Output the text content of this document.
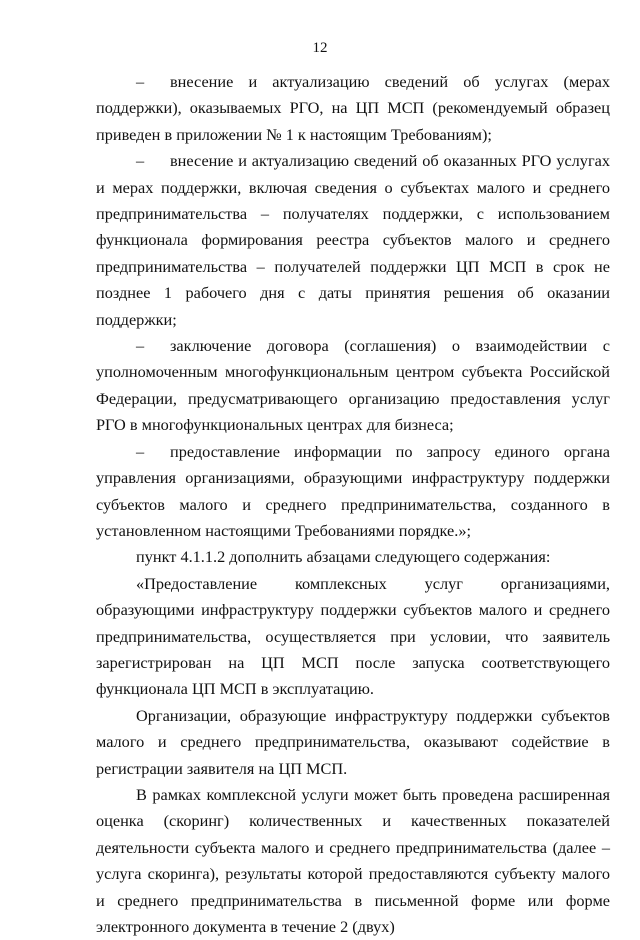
12

– внесение и актуализацию сведений об услугах (мерах поддержки), оказываемых РГО, на ЦП МСП (рекомендуемый образец приведен в приложении № 1 к настоящим Требованиям);

– внесение и актуализацию сведений об оказанных РГО услугах и мерах поддержки, включая сведения о субъектах малого и среднего предпринимательства – получателях поддержки, с использованием функционала формирования реестра субъектов малого и среднего предпринимательства – получателей поддержки ЦП МСП в срок не позднее 1 рабочего дня с даты принятия решения об оказании поддержки;

– заключение договора (соглашения) о взаимодействии с уполномоченным многофункциональным центром субъекта Российской Федерации, предусматривающего организацию предоставления услуг РГО в многофункциональных центрах для бизнеса;

– предоставление информации по запросу единого органа управления организациями, образующими инфраструктуру поддержки субъектов малого и среднего предпринимательства, созданного в установленном настоящими Требованиями порядке.»;

пункт 4.1.1.2 дополнить абзацами следующего содержания:

«Предоставление комплексных услуг организациями, образующими инфраструктуру поддержки субъектов малого и среднего предпринимательства, осуществляется при условии, что заявитель зарегистрирован на ЦП МСП после запуска соответствующего функционала ЦП МСП в эксплуатацию.

Организации, образующие инфраструктуру поддержки субъектов малого и среднего предпринимательства, оказывают содействие в регистрации заявителя на ЦП МСП.

В рамках комплексной услуги может быть проведена расширенная оценка (скоринг) количественных и качественных показателей деятельности субъекта малого и среднего предпринимательства (далее – услуга скоринга), результаты которой предоставляются субъекту малого и среднего предпринимательства в письменной форме или форме электронного документа в течение 2 (двух)
